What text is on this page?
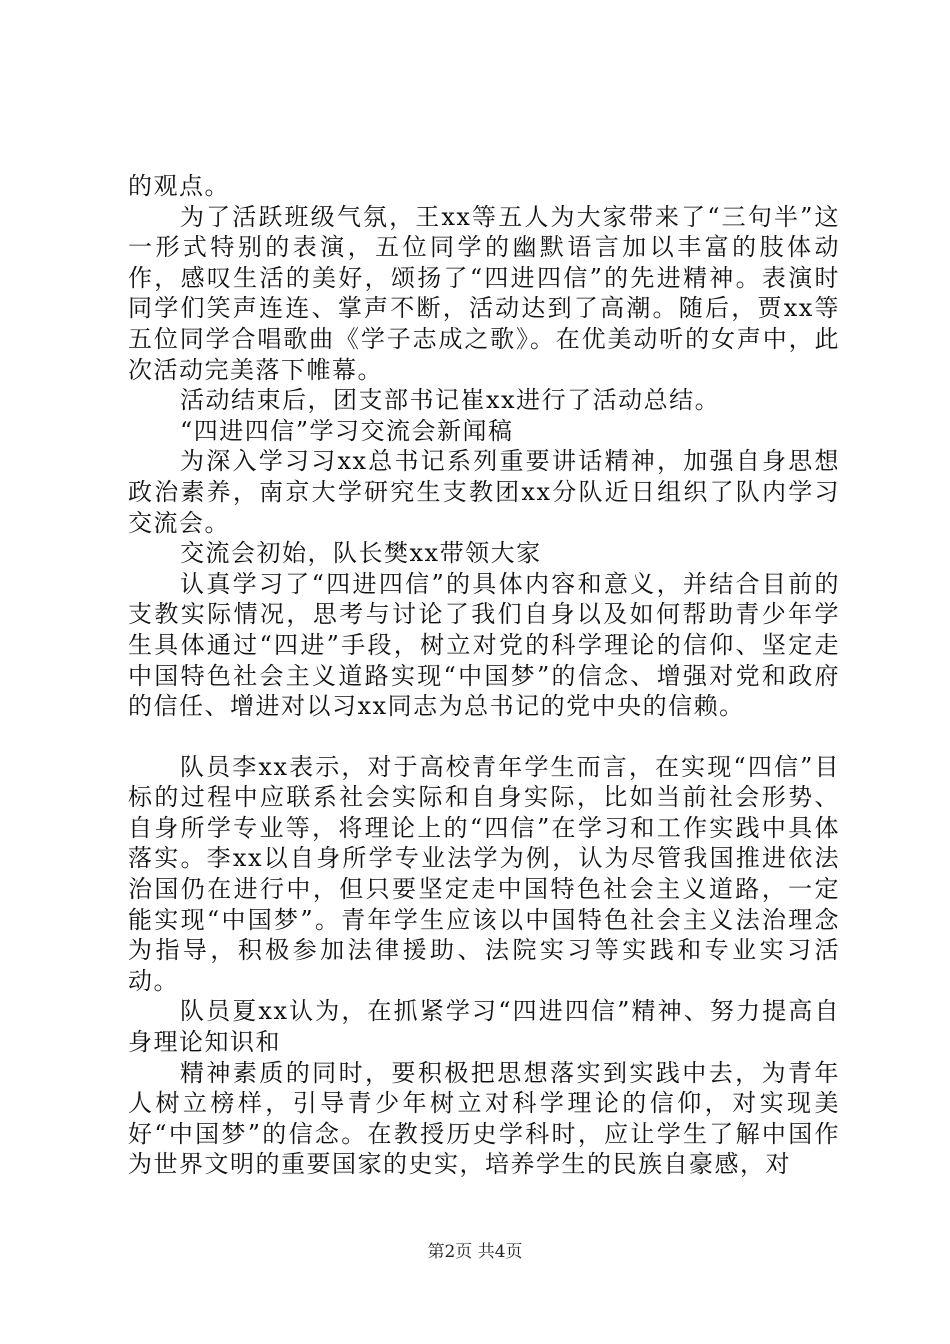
的观点。

为了活跃班级气氛，王xx等五人为大家带来了“三句半”这一形式特别的表演，五位同学的幽默语言加以丰富的肢体动作，感叹生活的美好，颂扬了“四进四信”的先进精神。表演时同学们笑声连连、掌声不断，活动达到了高潮。随后，贾xx等五位同学合唱歌曲《学子志成之歌》。在优美动听的女声中，此次活动完美落下帷幕。

活动结束后，团支部书记崔xx进行了活动总结。

“四进四信”学习交流会新闻稿

为深入学习习xx总书记系列重要讲话精神，加强自身思想政治素养，南京大学研究生支教团xx分队近日组织了队内学习交流会。

交流会初始，队长樊xx带领大家

认真学习了“四进四信”的具体内容和意义，并结合目前的支教实际情况，思考与讨论了我们自身以及如何帮助青少年学生具体通过“四进”手段，树立对党的科学理论的信仰、坚定走中国特色社会主义道路实现“中国梦”的信念、增强对党和政府的信任、增进对以习xx同志为总书记的党中央的信赖。

队员李xx表示，对于高校青年学生而言，在实现“四信”目标的过程中应联系社会实际和自身实际，比如当前社会形势、自身所学专业等，将理论上的“四信”在学习和工作实践中具体落实。李xx以自身所学专业法学为例，认为尽管我国推进依法治国仍在进行中，但只要坚定走中国特色社会主义道路，一定能实现“中国梦”。青年学生应该以中国特色社会主义法治理念为指导，积极参加法律援助、法院实习等实践和专业实习活动。

队员夏xx认为，在抓紧学习“四进四信”精神、努力提高自身理论知识和

精神素质的同时，要积极把思想落实到实践中去，为青年人树立榜样，引导青少年树立对科学理论的信仰，对实现美好“中国梦”的信念。在教授历史学科时，应让学生了解中国作为世界文明的重要国家的史实，培养学生的民族自豪感，对

第2页 共4页
